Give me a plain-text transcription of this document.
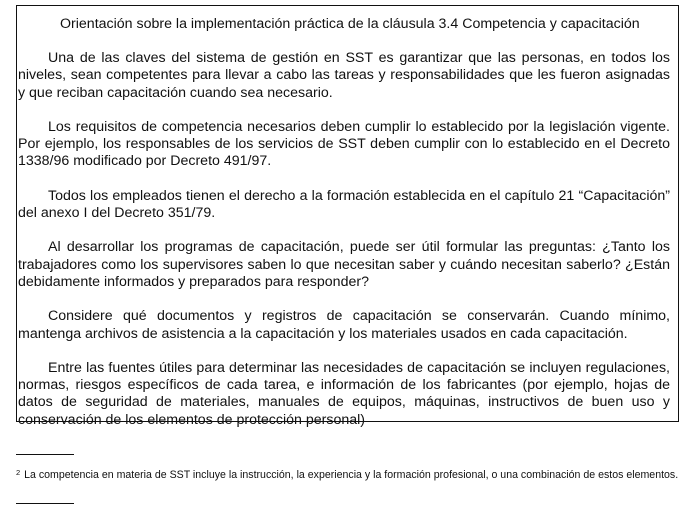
Orientación sobre la implementación práctica de la cláusula 3.4 Competencia y capacitación

Una de las claves del sistema de gestión en SST es garantizar que las personas, en todos los niveles, sean competentes para llevar a cabo las tareas y responsabilidades que les fueron asignadas y que reciban capacitación cuando sea necesario.

Los requisitos de competencia necesarios deben cumplir lo establecido por la legislación vigente. Por ejemplo, los responsables de los servicios de SST deben cumplir con lo establecido en el Decreto 1338/96 modificado por Decreto 491/97.

Todos los empleados tienen el derecho a la formación establecida en el capítulo 21 “Capacitación” del anexo I del Decreto 351/79.

Al desarrollar los programas de capacitación, puede ser útil formular las preguntas: ¿Tanto los trabajadores como los supervisores saben lo que necesitan saber y cuándo necesitan saberlo? ¿Están debidamente informados y preparados para responder?

Considere qué documentos y registros de capacitación se conservarán. Cuando mínimo, mantenga archivos de asistencia a la capacitación y los materiales usados en cada capacitación.

Entre las fuentes útiles para determinar las necesidades de capacitación se incluyen regulaciones, normas, riesgos específicos de cada tarea, e información de los fabricantes (por ejemplo, hojas de datos de seguridad de materiales, manuales de equipos, máquinas, instructivos de buen uso y conservación de los elementos de protección personal)

$^2$ La competencia en materia de SST incluye la instrucción, la experiencia y la formación profesional, o una combinación de estos elementos.
